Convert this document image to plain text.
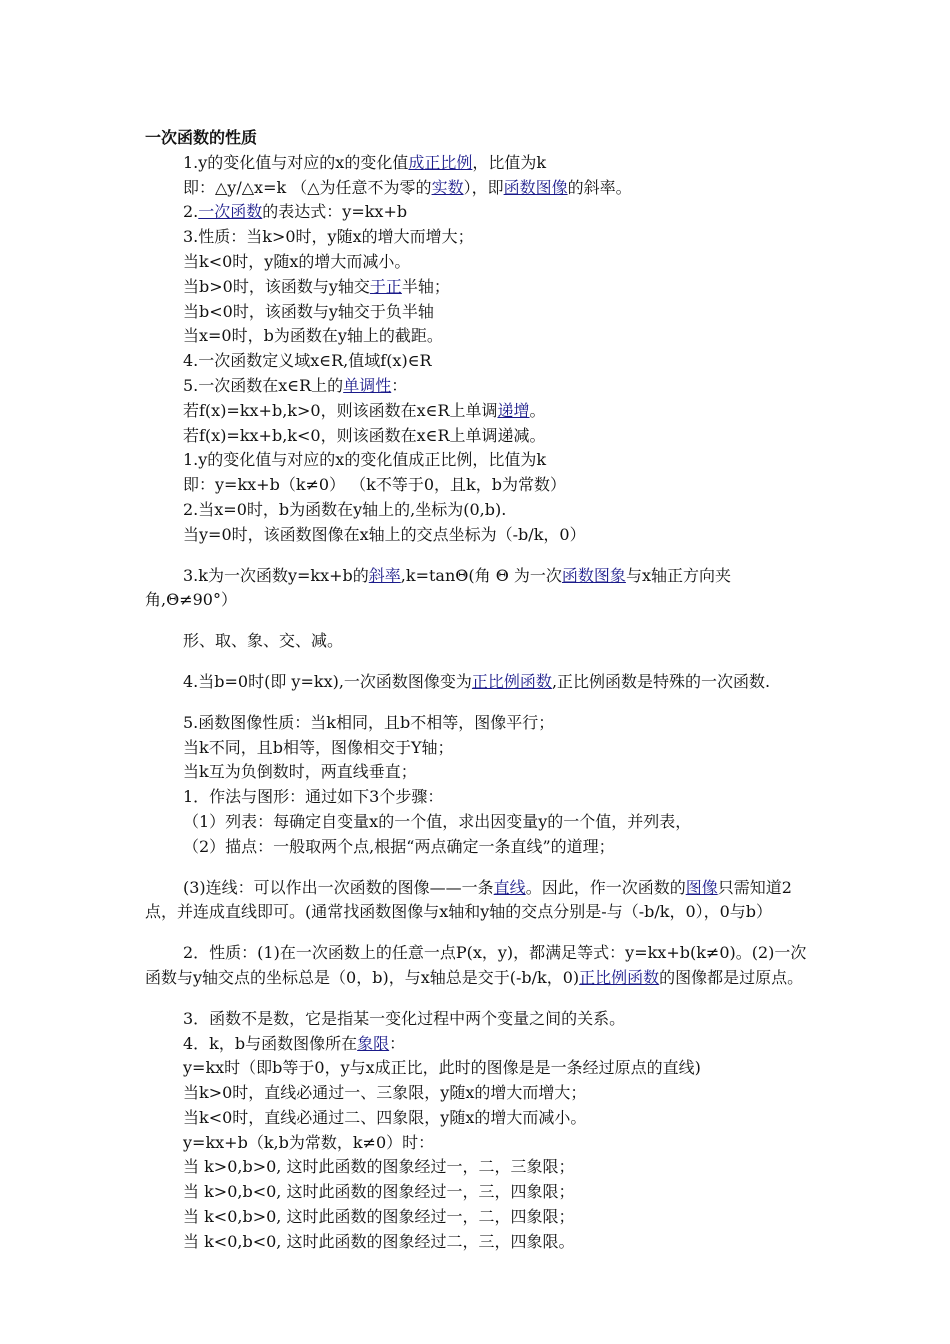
一次函数的性质

1.y的变化值与对应的x的变化值成正比例，比值为k

即：△y/△x=k （△为任意不为零的实数），即函数图像的斜率。

2.一次函数的表达式：y=kx+b

3.性质：当k>0时，y随x的增大而增大；

当k<0时，y随x的增大而减小。

当b>0时，该函数与y轴交于正半轴；

当b<0时，该函数与y轴交于负半轴

当x=0时，b为函数在y轴上的截距。

4.一次函数定义域x∈R,值域f(x)∈R

5.一次函数在x∈R上的单调性：

若f(x)=kx+b,k>0，则该函数在x∈R上单调递增。

若f(x)=kx+b,k<0，则该函数在x∈R上单调递减。

1.y的变化值与对应的x的变化值成正比例，比值为k

即：y=kx+b（k≠0） （k不等于0，且k，b为常数）

2.当x=0时，b为函数在y轴上的,坐标为(0,b).

当y=0时，该函数图像在x轴上的交点坐标为（-b/k，0）

3.k为一次函数y=kx+b的斜率,k=tanΘ(角 Θ 为一次函数图象与x轴正方向夹角,Θ≠90°）

形、取、象、交、减。

4.当b=0时(即 y=kx),一次函数图像变为正比例函数,正比例函数是特殊的一次函数.

5.函数图像性质：当k相同，且b不相等，图像平行；

当k不同，且b相等，图像相交于Y轴；

当k互为负倒数时，两直线垂直；

1．作法与图形：通过如下3个步骤：

（1）列表：每确定自变量x的一个值，求出因变量y的一个值，并列表，

（2）描点：一般取两个点,根据“两点确定一条直线”的道理；

(3)连线：可以作出一次函数的图像——一条直线。因此，作一次函数的图像只需知道2点，并连成直线即可。(通常找函数图像与x轴和y轴的交点分别是-与（-b/k，0），0与b）

2．性质：(1)在一次函数上的任意一点P(x，y)，都满足等式：y=kx+b(k≠0)。(2)一次函数与y轴交点的坐标总是（0，b)，与x轴总是交于(-b/k，0)正比例函数的图像都是过原点。

3．函数不是数，它是指某一变化过程中两个变量之间的关系。

4．k，b与函数图像所在象限：

y=kx时（即b等于0，y与x成正比，此时的图像是是一条经过原点的直线)

当k>0时，直线必通过一、三象限，y随x的增大而增大；

当k<0时，直线必通过二、四象限，y随x的增大而减小。

y=kx+b（k,b为常数，k≠0）时：

当 k>0,b>0, 这时此函数的图象经过一，二，三象限；

当 k>0,b<0, 这时此函数的图象经过一，三，四象限；

当 k<0,b>0, 这时此函数的图象经过一，二，四象限；

当 k<0,b<0, 这时此函数的图象经过二，三，四象限。
